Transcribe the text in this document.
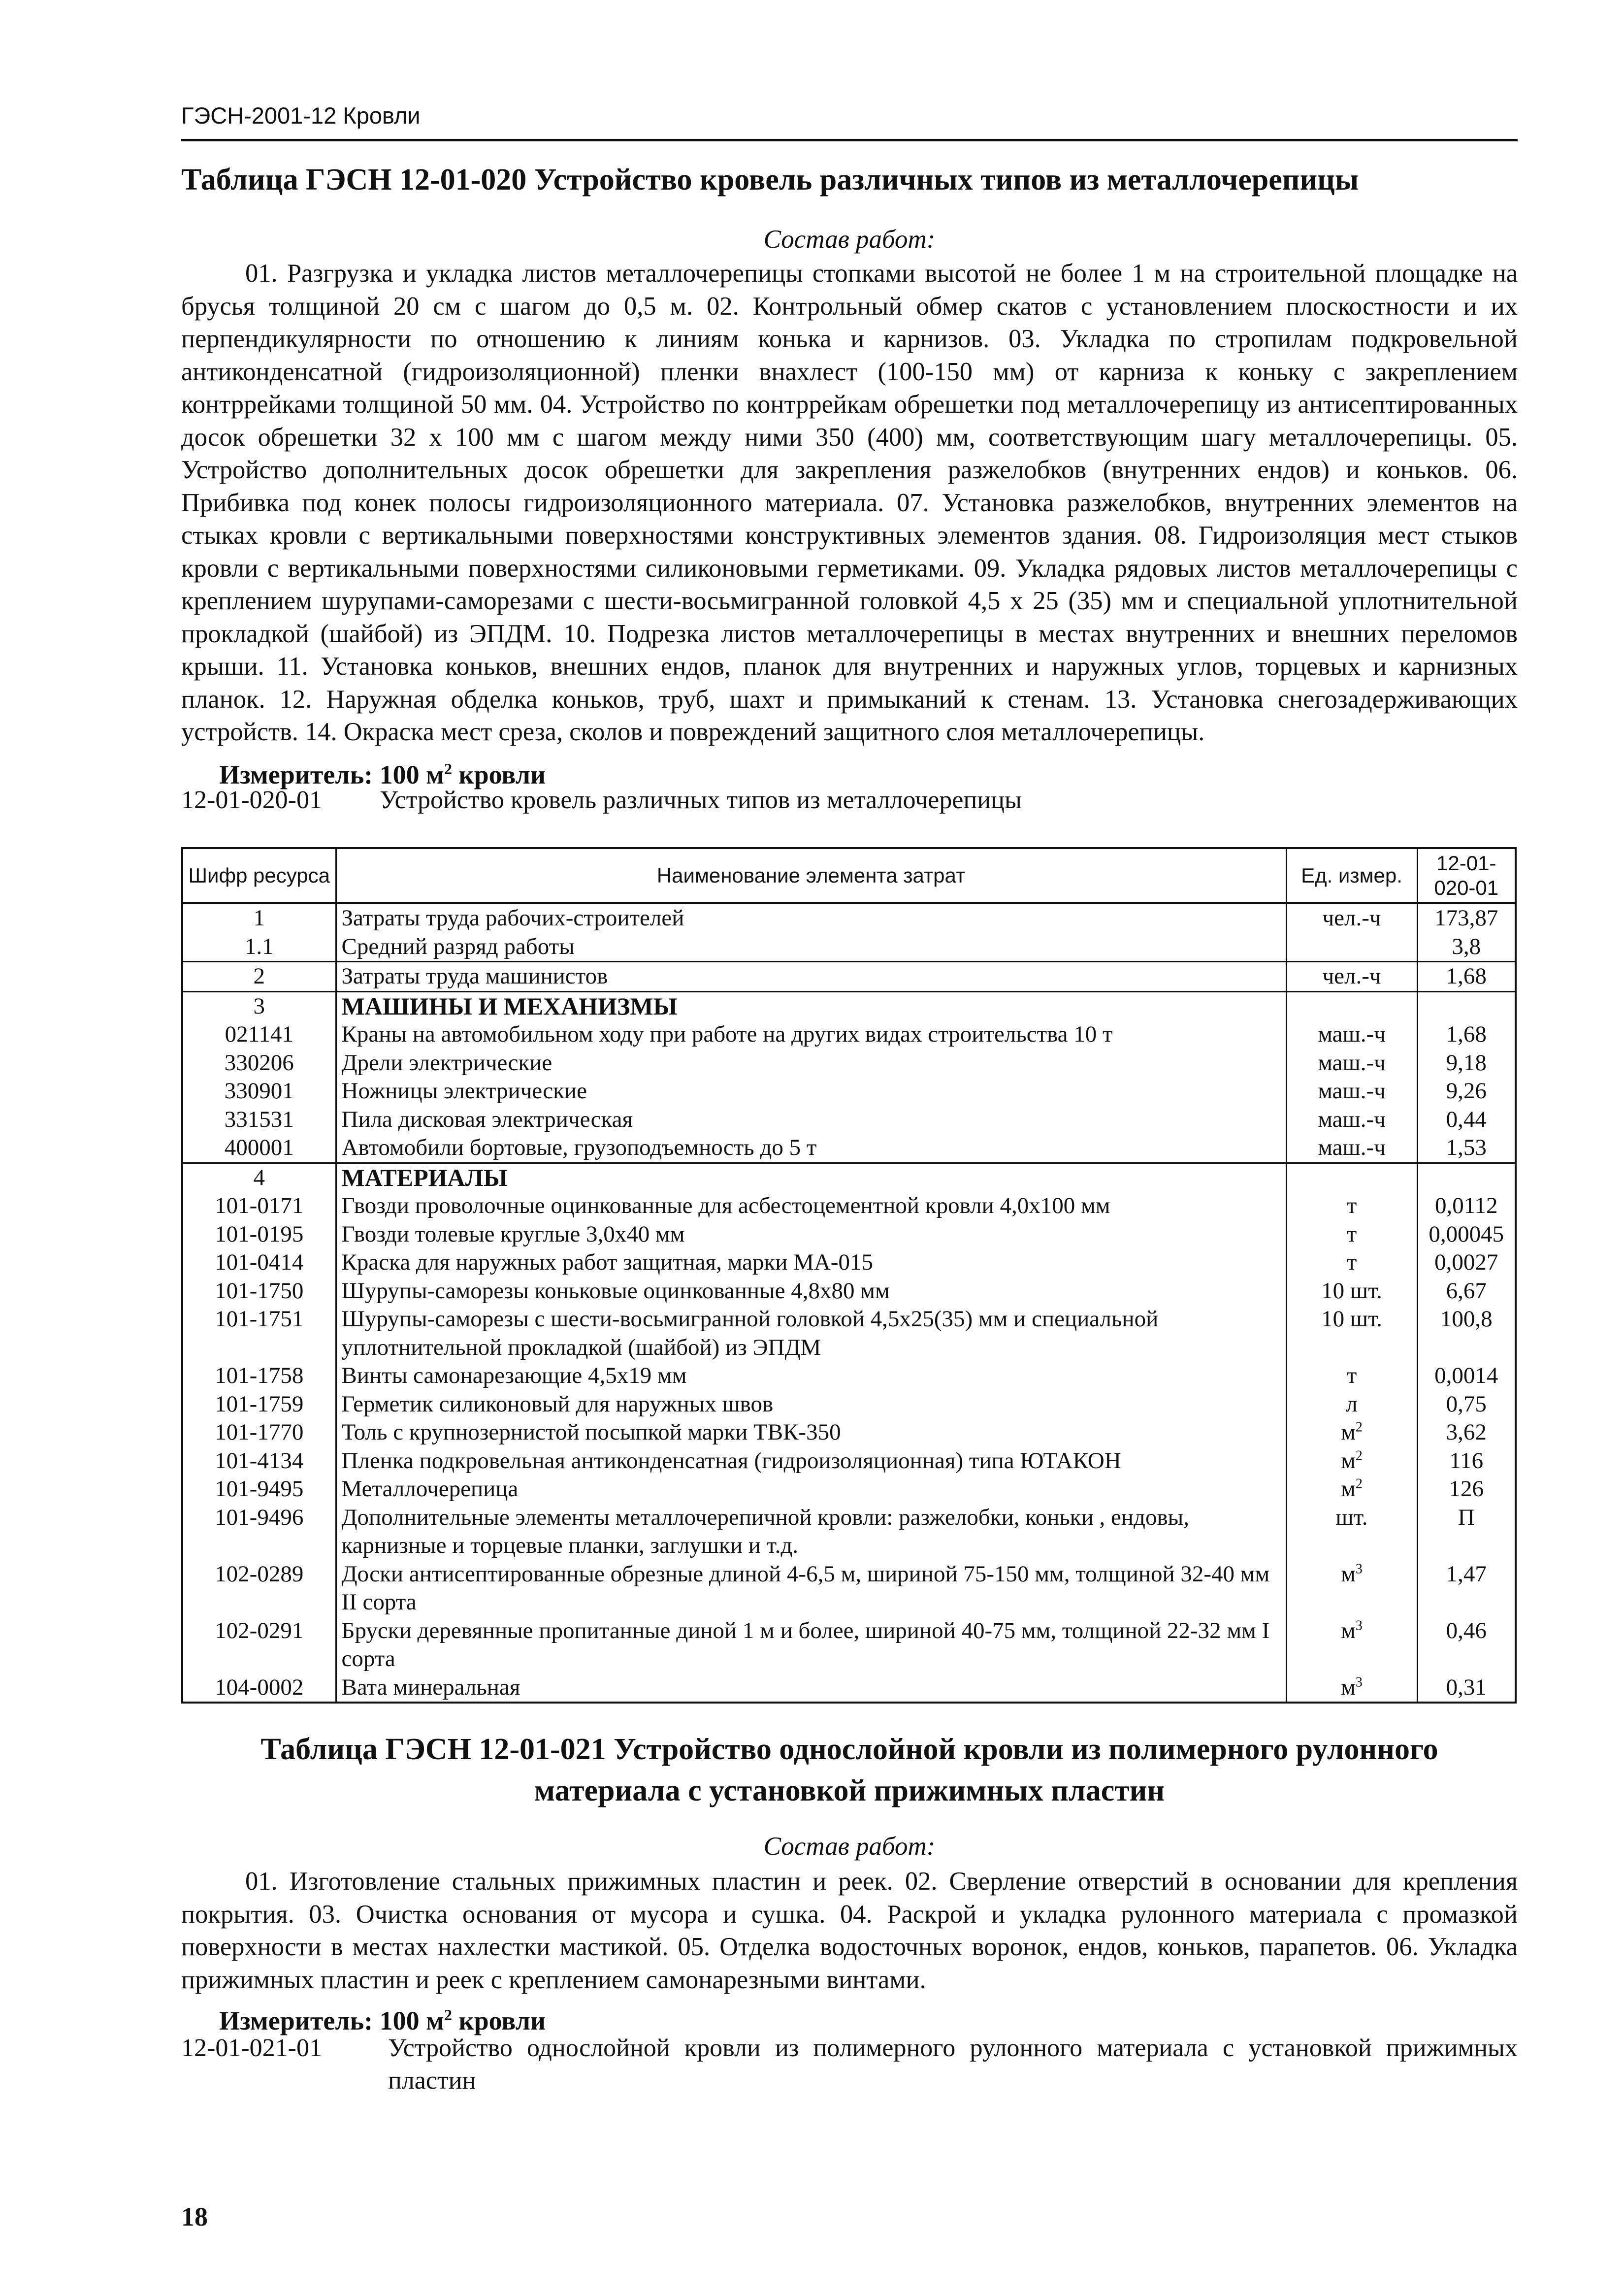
ГЭСН-2001-12 Кровли
Таблица ГЭСН 12-01-020 Устройство кровель различных типов из металлочерепицы
Состав работ:
01. Разгрузка и укладка листов металлочерепицы стопками высотой не более 1 м на строительной площадке на брусья толщиной 20 см с шагом до 0,5 м. 02. Контрольный обмер скатов с установлением плоскостности и их перпендикулярности по отношению к линиям конька и карнизов. 03. Укладка по стропилам подкровельной антиконденсатной (гидроизоляционной) пленки внахлест (100-150 мм) от карниза к коньку с закреплением контррейками толщиной 50 мм. 04. Устройство по контррейкам обрешетки под металлочерепицу из антисептированных досок обрешетки 32 х 100 мм с шагом между ними 350 (400) мм, соответствующим шагу металлочерепицы. 05. Устройство дополнительных досок обрешетки для закрепления разжелобков (внутренних ендов) и коньков. 06. Прибивка под конек полосы гидроизоляционного материала. 07. Установка разжелобков, внутренних элементов на стыках кровли с вертикальными поверхностями конструктивных элементов здания. 08. Гидроизоляция мест стыков кровли с вертикальными поверхностями силиконовыми герметиками. 09. Укладка рядовых листов металлочерепицы с креплением шурупами-саморезами с шести-восьмигранной головкой 4,5 х 25 (35) мм и специальной уплотнительной прокладкой (шайбой) из ЭПДМ. 10. Подрезка листов металлочерепицы в местах внутренних и внешних переломов крыши. 11. Установка коньков, внешних ендов, планок для внутренних и наружных углов, торцевых и карнизных планок. 12. Наружная обделка коньков, труб, шахт и примыканий к стенам. 13. Установка снегозадерживающих устройств. 14. Окраска мест среза, сколов и повреждений защитного слоя металлочерепицы.
Измеритель: 100 $м^2$ кровли
12-01-020-01 Устройство кровель различных типов из металлочерепицы
Шифр ресурса	Наименование элемента затрат	Ед. измер.	12-01-020-01
1	Затраты труда рабочих-строителей	чел.-ч	173,87
1.1	Средний разряд работы		3,8
2	Затраты труда машинистов	чел.-ч	1,68
3	МАШИНЫ И МЕХАНИЗМЫ		
021141	Краны на автомобильном ходу при работе на других видах строительства 10 т	маш.-ч	1,68
330206	Дрели электрические	маш.-ч	9,18
330901	Ножницы электрические	маш.-ч	9,26
331531	Пила дисковая электрическая	маш.-ч	0,44
400001	Автомобили бортовые, грузоподъемность до 5 т	маш.-ч	1,53
4	МАТЕРИАЛЫ		
101-0171	Гвозди проволочные оцинкованные для асбестоцементной кровли 4,0х100 мм	т	0,0112
101-0195	Гвозди толевые круглые 3,0х40 мм	т	0,00045
101-0414	Краска для наружных работ защитная, марки МА-015	т	0,0027
101-1750	Шурупы-саморезы коньковые оцинкованные 4,8х80 мм	10 шт.	6,67
101-1751	Шурупы-саморезы с шести-восьмигранной головкой 4,5х25(35) мм и специальной уплотнительной прокладкой (шайбой) из ЭПДМ	10 шт.	100,8
101-1758	Винты самонарезающие 4,5х19 мм	т	0,0014
101-1759	Герметик силиконовый для наружных швов	л	0,75
101-1770	Толь с крупнозернистой посыпкой марки ТВК-350	$м^2$	3,62
101-4134	Пленка подкровельная антиконденсатная (гидроизоляционная) типа ЮТАКОН	$м^2$	116
101-9495	Металлочерепица	$м^2$	126
101-9496	Дополнительные элементы металлочерепичной кровли: разжелобки, коньки , ендовы, карнизные и торцевые планки, заглушки и т.д.	шт.	П
102-0289	Доски антисептированные обрезные длиной 4-6,5 м, шириной 75-150 мм, толщиной 32-40 мм II сорта	$м^3$	1,47
102-0291	Бруски деревянные пропитанные диной 1 м и более, шириной 40-75 мм, толщиной 22-32 мм I сорта	$м^3$	0,46
104-0002	Вата минеральная	$м^3$	0,31
Таблица ГЭСН 12-01-021 Устройство однослойной кровли из полимерного рулонного
материала с установкой прижимных пластин
Состав работ:
01. Изготовление стальных прижимных пластин и реек. 02. Сверление отверстий в основании для крепления покрытия. 03. Очистка основания от мусора и сушка. 04. Раскрой и укладка рулонного материала с промазкой поверхности в местах нахлестки мастикой. 05. Отделка водосточных воронок, ендов, коньков, парапетов. 06. Укладка прижимных пластин и реек с креплением самонарезными винтами.
Измеритель: 100 $м^2$ кровли
12-01-021-01	Устройство однослойной кровли из полимерного рулонного материала с установкой прижимных пластин
18
